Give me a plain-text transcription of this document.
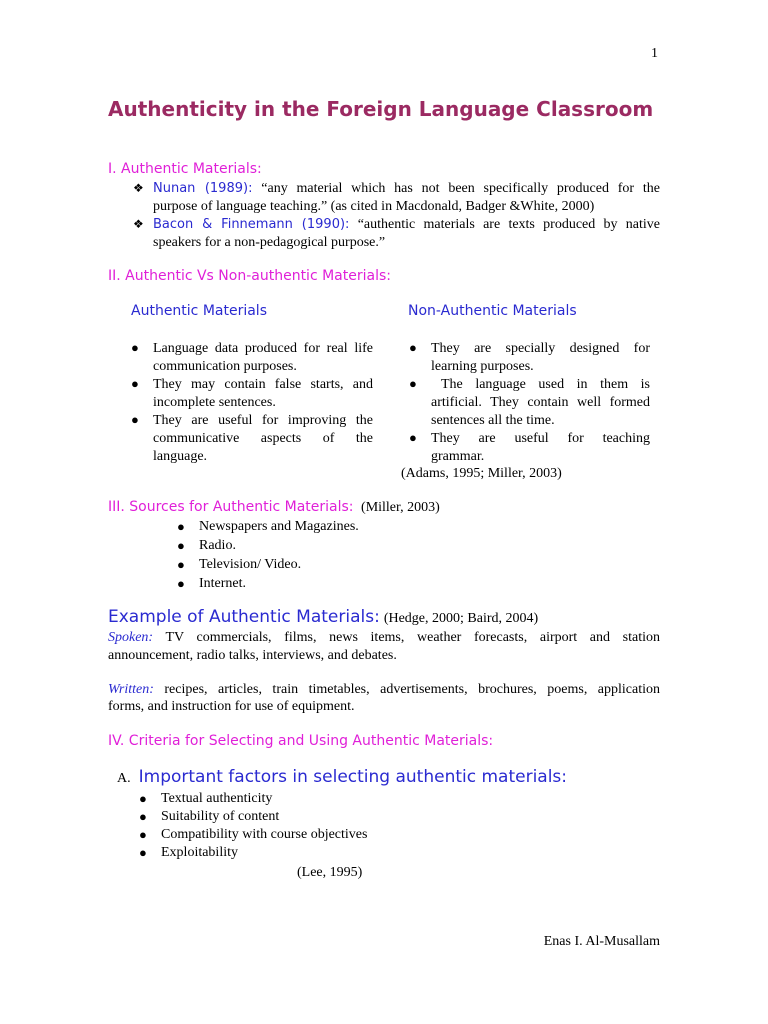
1
Authenticity in the Foreign Language Classroom
I. Authentic Materials:
❖ Nunan (1989): “any material which has not been specifically produced for the
purpose of language teaching.” (as cited in Macdonald, Badger &White, 2000)
❖ Bacon & Finnemann (1990): “authentic materials are texts produced by native
speakers for a non-pedagogical purpose.”
II. Authentic Vs Non-authentic Materials:
Authentic Materials	Non-Authentic Materials
● Language data produced for real life
communication purposes.
● They may contain false starts, and
incomplete sentences.
● They are useful for improving the
communicative aspects of the
language.
● They are specially designed for
learning purposes.
● The language used in them is
artificial. They contain well formed
sentences all the time.
● They are useful for teaching
grammar.
(Adams, 1995; Miller, 2003)
III. Sources for Authentic Materials: (Miller, 2003)
● Newspapers and Magazines.
● Radio.
● Television/ Video.
● Internet.
Example of Authentic Materials: (Hedge, 2000; Baird, 2004)
Spoken: TV commercials, films, news items, weather forecasts, airport and station
announcement, radio talks, interviews, and debates.
Written: recipes, articles, train timetables, advertisements, brochures, poems, application
forms, and instruction for use of equipment.
IV. Criteria for Selecting and Using Authentic Materials:
A. Important factors in selecting authentic materials:
● Textual authenticity
● Suitability of content
● Compatibility with course objectives
● Exploitability
(Lee, 1995)
Enas I. Al-Musallam
